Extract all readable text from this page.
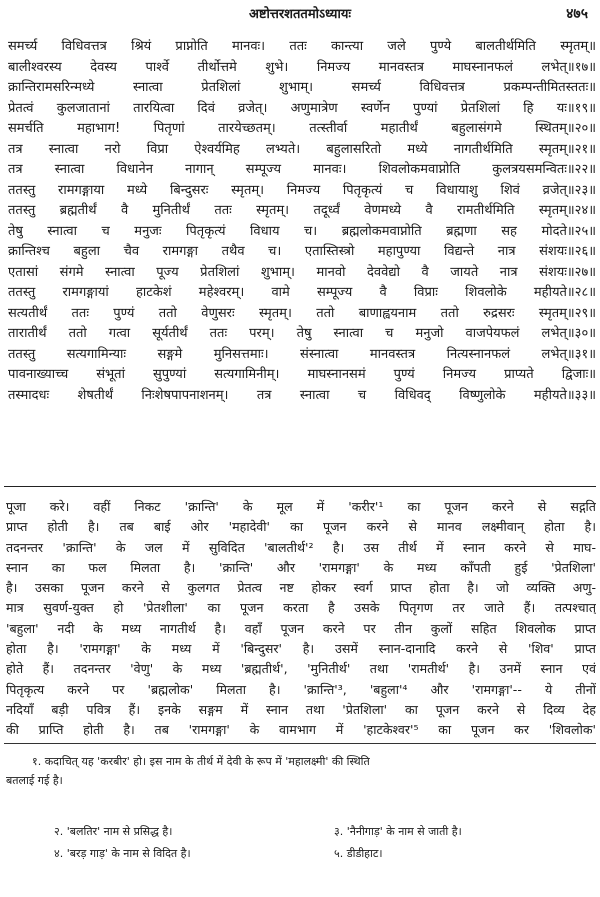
अष्टोत्तरशततमोऽध्यायः	४७५
समर्च्य विधिवत्तत्र श्रियं प्राप्नोति मानवः। ततः कान्त्या जले पुण्ये बालतीर्थमिति स्मृतम्॥
बालीश्वरस्य देवस्य पार्श्वे तीर्थोत्तमे शुभे। निमज्य मानवस्तत्र माघस्नानफलं लभेत्॥१७॥
क्रान्तिरामसरिन्मध्ये स्नात्वा प्रेतशिलां शुभाम्। समर्च्य विधिवत्तत्र प्रकम्पन्तीमितस्ततः॥
प्रेतत्वं कुलजातानां तारयित्वा दिवं व्रजेत्। अणुमात्रेण स्वर्णेन पुण्यां प्रेतशिलां हि यः॥१९॥
समर्चति महाभाग! पितृणां तारयेच्छतम्। तत्स्तीर्वा महातीर्थं बहुलासंगमे स्थितम्॥२०॥
तत्र स्नात्वा नरो विप्रा ऐश्वर्यमिह लभ्यते। बहुलासरितो मध्ये नागतीर्थमिति स्मृतम्॥२१॥
तत्र स्नात्वा विधानेन नागान् सम्पूज्य मानवः। शिवलोकमवाप्नोति कुलत्रयसमन्वितः॥२२॥
ततस्तु रामगङ्गाया मध्ये बिन्दुसरः स्मृतम्। निमज्य पितृकृत्यं च विधायाशु शिवं व्रजेत्॥२३॥
ततस्तु ब्रह्मतीर्थं वै मुनितीर्थं ततः स्मृतम्। तदूर्ध्वं वेणमध्ये वै रामतीर्थमिति स्मृतम्॥२४॥
तेषु स्नात्वा च मनुजः पितृकृत्यं विधाय च। ब्रह्मलोकमवाप्नोति ब्रह्मणा सह मोदते॥२५॥
क्रान्तिश्च बहुला चैव रामगङ्गा तथैव च। एतास्तिस्त्रो महापुण्या विद्यन्ते नात्र संशयः॥२६॥
एतासां संगमे स्नात्वा पूज्य प्रेतशिलां शुभाम्। मानवो देववेद्यो वै जायते नात्र संशयः॥२७॥
ततस्तु रामगङ्गायां हाटकेशं महेश्वरम्। वामे सम्पूज्य वै विप्राः शिवलोके महीयते॥२८॥
सत्यतीर्थं ततः पुण्यं ततो वेणुसरः स्मृतम्। ततो बाणाह्वयनाम ततो रुद्रसरः स्मृतम्॥२९॥
तारातीर्थं ततो गत्वा सूर्यतीर्थं ततः परम्। तेषु स्नात्वा च मनुजो वाजपेयफलं लभेत्॥३०॥
ततस्तु सत्यगामिन्याः सङ्गमे मुनिसत्तमाः। संस्नात्वा मानवस्तत्र नित्यस्नानफलं लभेत्॥३१॥
पावनाख्याच्च संभूतां सुपुण्यां सत्यगामिनीम्। माघस्नानसमं पुण्यं निमज्य प्राप्यते द्विजाः॥
तस्मादधः शेषतीर्थं निःशेषपापनाशनम्। तत्र स्नात्वा च विधिवद् विष्णुलोके महीयते॥३३॥
पूजा करे। वहीं निकट 'क्रान्ति' के मूल में 'करीर'¹ का पूजन करने से सद्गति
प्राप्त होती है। तब बाई ओर 'महादेवी' का पूजन करने से मानव लक्ष्मीवान् होता है।
तदनन्तर 'क्रान्ति' के जल में सुविदित 'बालतीर्थ'² है। उस तीर्थ में स्नान करने से माघ-
स्नान का फल मिलता है। 'क्रान्ति' और 'रामगङ्गा' के मध्य काँपती हुई 'प्रेतशिला'
है। उसका पूजन करने से कुलगत प्रेतत्व नष्ट होकर स्वर्ग प्राप्त होता है। जो व्यक्ति अणु-
मात्र सुवर्ण-युक्त हो 'प्रेतशीला' का पूजन करता है उसके पितृगण तर जाते हैं। तत्पश्चात्
'बहुला' नदी के मध्य नागतीर्थ है। वहाँ पूजन करने पर तीन कुलों सहित शिवलोक प्राप्त
होता है। 'रामगङ्गा' के मध्य में 'बिन्दुसर' है। उसमें स्नान-दानादि करने से 'शिव' प्राप्त
होते हैं। तदनन्तर 'वेणु' के मध्य 'ब्रह्मतीर्थ', 'मुनितीर्थ' तथा 'रामतीर्थ' है। उनमें स्नान एवं
पितृकृत्य करने पर 'ब्रह्मलोक' मिलता है। 'क्रान्ति'³, 'बहुला'⁴ और 'रामगङ्गा'-- ये तीनों
नदियाँ बड़ी पवित्र हैं। इनके सङ्गम में स्नान तथा 'प्रेतशिला' का पूजन करने से दिव्य देह
की प्राप्ति होती है। तब 'रामगङ्गा' के वामभाग में 'हाटकेश्वर'⁵ का पूजन कर 'शिवलोक'
१. कदाचित् यह 'करबीर' हो। इस नाम के तीर्थ में देवी के रूप में 'महालक्ष्मी' की स्थिति
बतलाई गई है।
२. 'बलतिर' नाम से प्रसिद्ध है।	३. 'नैनीगाड़' के नाम से जाती है।
४. 'बरड़ गाड़' के नाम से विदित है।	५. डीडीहाट।
